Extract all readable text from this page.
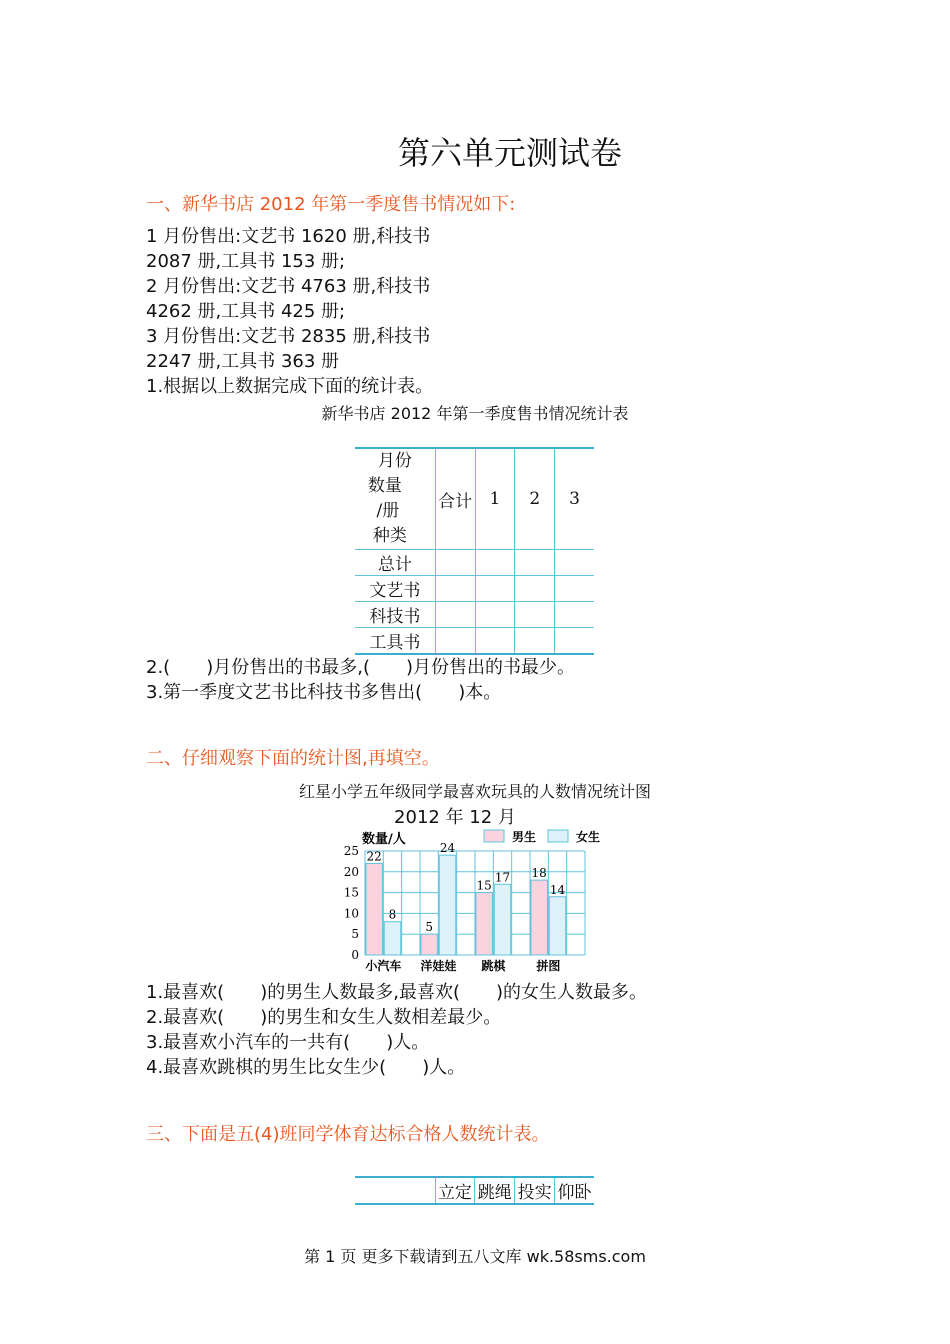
第六单元测试卷
一、新华书店 2012 年第一季度售书情况如下:
1 月份售出:文艺书 1620 册,科技书
2087 册,工具书 153 册;
2 月份售出:文艺书 4763 册,科技书
4262 册,工具书 425 册;
3 月份售出:文艺书 2835 册,科技书
2247 册,工具书 363 册
1.根据以上数据完成下面的统计表。
新华书店 2012 年第一季度售书情况统计表
月份
数量
/册
种类	合计	1	2	3
总计				
文艺书				
科技书				
工具书				
2.(　　)月份售出的书最多,(　　)月份售出的书最少。
3.第一季度文艺书比科技书多售出(　　)本。
二、仔细观察下面的统计图,再填空。
红星小学五年级同学最喜欢玩具的人数情况统计图
2012 年 12 月
0
5
10
15
20
25 22
8
小汽车
5
24
洋娃娃
15
17
跳棋
18
14
拼图
数量/人	男生	女生
1.最喜欢(　　)的男生人数最多,最喜欢(　　)的女生人数最多。
2.最喜欢(　　)的男生和女生人数相差最少。
3.最喜欢小汽车的一共有(　　)人。
4.最喜欢跳棋的男生比女生少(　　)人。
三、下面是五(4)班同学体育达标合格人数统计表。
	立定	跳绳	投实	仰卧
第 1 页 更多下载请到五八文库 wk.58sms.com
